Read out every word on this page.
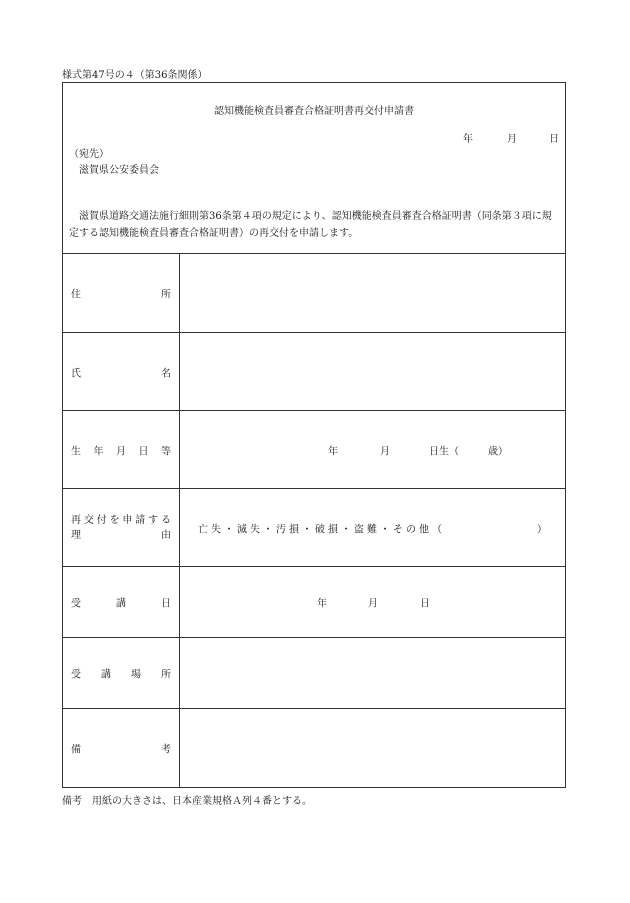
様式第47号の４（第36条関係）
認知機能検査員審査合格証明書再交付申請書
年	月	日
（宛先）
滋賀県公安委員会
滋賀県道路交通法施行細則第36条第４項の規定により、認知機能検査員審査合格証明書（同条第３項に規定する認知機能検査員審査合格証明書）の再交付を申請します。
住所
氏名
生年月日等	年	月	日生（	歳）
再交付を申請する
理由	亡失・滅失・汚損・破損・盗難・その他（	）
受講日	年	月	日
受講場所
備考
備考　用紙の大きさは、日本産業規格Ａ列４番とする。
